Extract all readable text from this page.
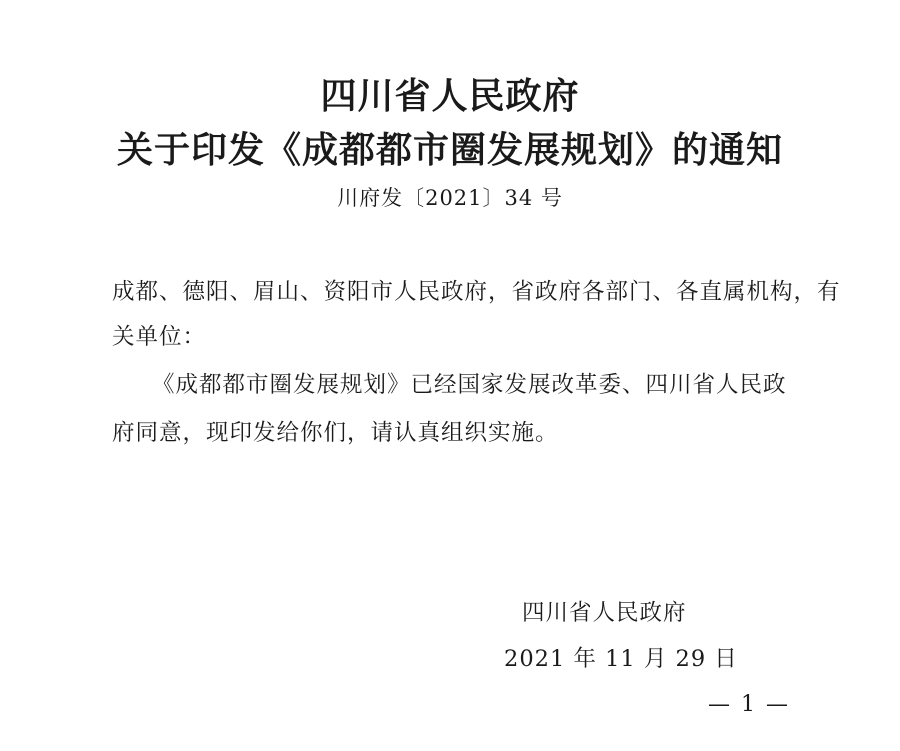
四川省人民政府
关于印发《成都都市圈发展规划》的通知
川府发〔2021〕34 号
成都、德阳、眉山、资阳市人民政府，省政府各部门、各直属机构，有
关单位：
《成都都市圈发展规划》已经国家发展改革委、四川省人民政
府同意，现印发给你们，请认真组织实施。
四川省人民政府
2021 年 11 月 29 日
— 1 —
